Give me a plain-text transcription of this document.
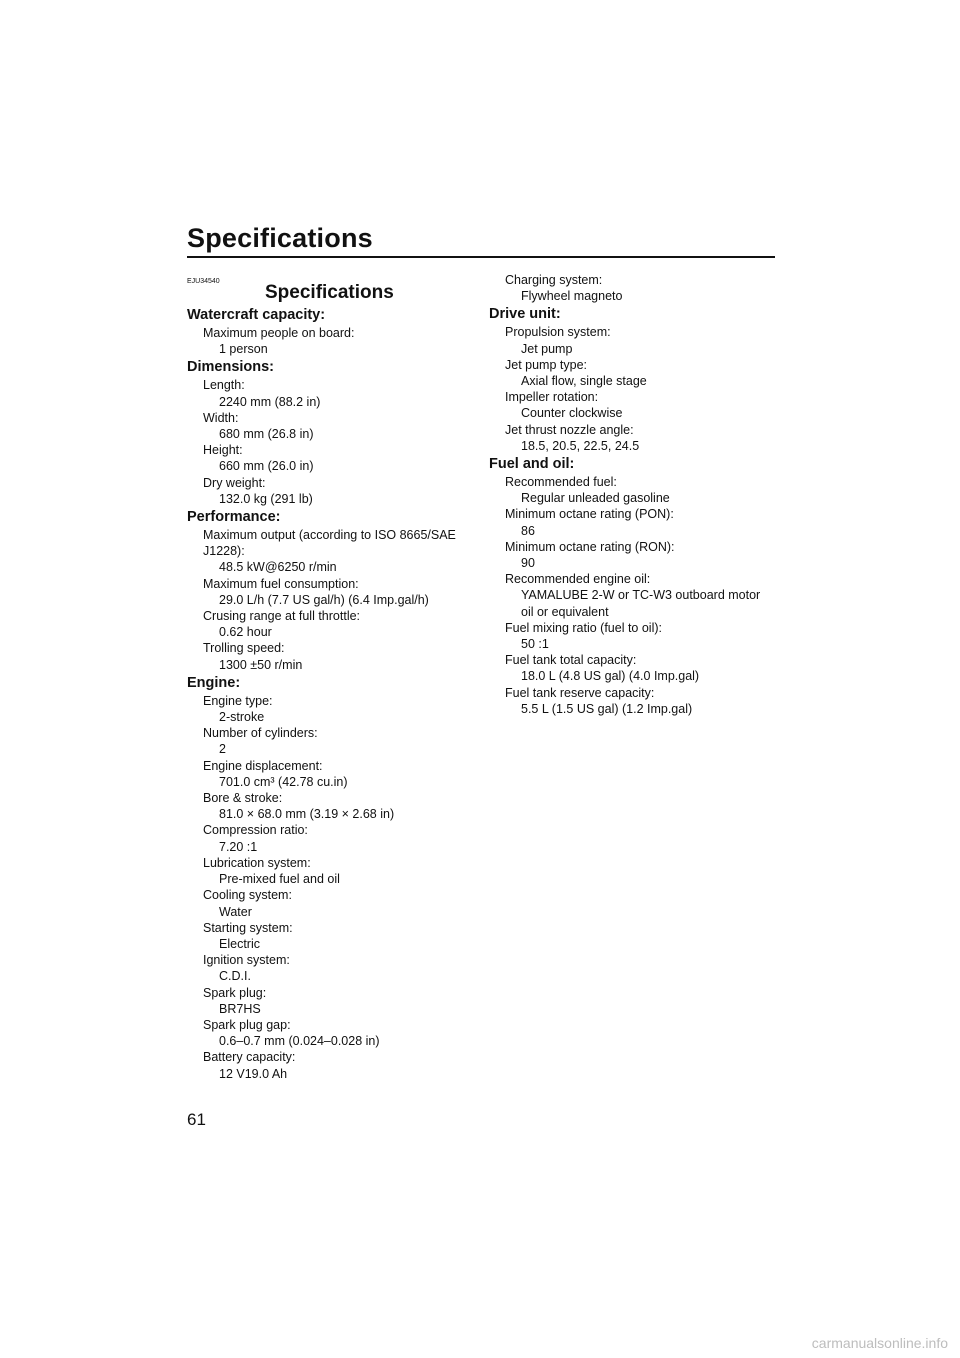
Specifications
EJU34540
Specifications
Watercraft capacity:
Maximum people on board:
1 person
Dimensions:
Length:
2240 mm (88.2 in)
Width:
680 mm (26.8 in)
Height:
660 mm (26.0 in)
Dry weight:
132.0 kg (291 lb)
Performance:
Maximum output (according to ISO 8665/SAE
J1228):
48.5 kW@6250 r/min
Maximum fuel consumption:
29.0 L/h (7.7 US gal/h) (6.4 Imp.gal/h)
Crusing range at full throttle:
0.62 hour
Trolling speed:
1300 ±50 r/min
Engine:
Engine type:
2-stroke
Number of cylinders:
2
Engine displacement:
701.0 cm³ (42.78 cu.in)
Bore & stroke:
81.0 × 68.0 mm (3.19 × 2.68 in)
Compression ratio:
7.20 :1
Lubrication system:
Pre-mixed fuel and oil
Cooling system:
Water
Starting system:
Electric
Ignition system:
C.D.I.
Spark plug:
BR7HS
Spark plug gap:
0.6–0.7 mm (0.024–0.028 in)
Battery capacity:
12 V19.0 Ah
Charging system:
Flywheel magneto
Drive unit:
Propulsion system:
Jet pump
Jet pump type:
Axial flow, single stage
Impeller rotation:
Counter clockwise
Jet thrust nozzle angle:
18.5, 20.5, 22.5, 24.5
Fuel and oil:
Recommended fuel:
Regular unleaded gasoline
Minimum octane rating (PON):
86
Minimum octane rating (RON):
90
Recommended engine oil:
YAMALUBE 2-W or TC-W3 outboard motor
oil or equivalent
Fuel mixing ratio (fuel to oil):
50 :1
Fuel tank total capacity:
18.0 L (4.8 US gal) (4.0 Imp.gal)
Fuel tank reserve capacity:
5.5 L (1.5 US gal) (1.2 Imp.gal)
61
carmanualsonline.info
